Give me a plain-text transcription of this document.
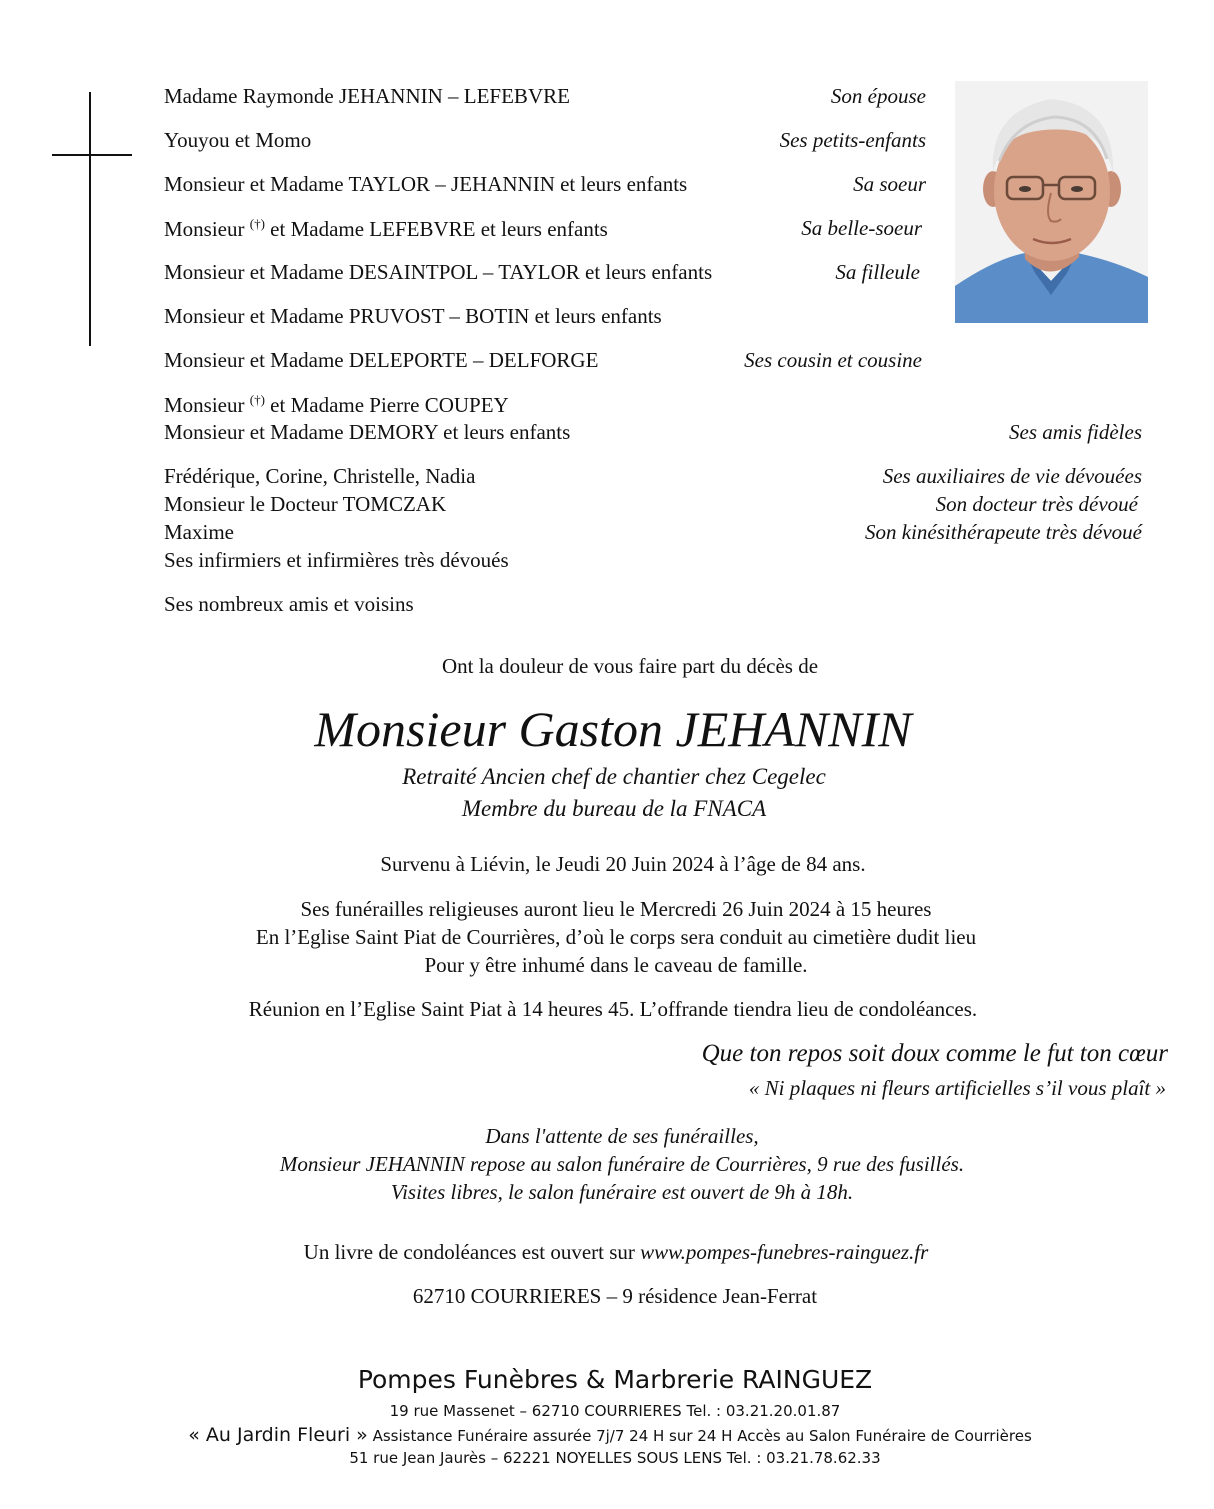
Madame Raymonde JEHANNIN – LEFEBVRE	Son épouse
Youyou et Momo	Ses petits-enfants
Monsieur et Madame TAYLOR – JEHANNIN et leurs enfants	Sa soeur
Monsieur (†) et Madame LEFEBVRE et leurs enfants	Sa belle-soeur
Monsieur et Madame DESAINTPOL – TAYLOR et leurs enfants	Sa filleule
Monsieur et Madame PRUVOST – BOTIN et leurs enfants
Monsieur et Madame DELEPORTE – DELFORGE	Ses cousin et cousine
Monsieur (†) et Madame Pierre COUPEY
Monsieur et Madame DEMORY et leurs enfants	Ses amis fidèles
Frédérique, Corine, Christelle, Nadia	Ses auxiliaires de vie dévouées
Monsieur le Docteur TOMCZAK	Son docteur très dévoué
Maxime	Son kinésithérapeute très dévoué
Ses infirmiers et infirmières très dévoués
Ses nombreux amis et voisins
Ont la douleur de vous faire part du décès de
Monsieur Gaston JEHANNIN
Retraité Ancien chef de chantier chez Cegelec
Membre du bureau de la FNACA
Survenu à Liévin, le Jeudi 20 Juin 2024 à l’âge de 84 ans.
Ses funérailles religieuses auront lieu le Mercredi 26 Juin 2024 à 15 heures
En l’Eglise Saint Piat de Courrières, d’où le corps sera conduit au cimetière dudit lieu
Pour y être inhumé dans le caveau de famille.
Réunion en l’Eglise Saint Piat à 14 heures 45. L’offrande tiendra lieu de condoléances.
Que ton repos soit doux comme le fut ton cœur
« Ni plaques ni fleurs artificielles s’il vous plaît »
Dans l'attente de ses funérailles,
Monsieur JEHANNIN repose au salon funéraire de Courrières, 9 rue des fusillés.
Visites libres, le salon funéraire est ouvert de 9h à 18h.
Un livre de condoléances est ouvert sur www.pompes-funebres-rainguez.fr
62710 COURRIERES – 9 résidence Jean-Ferrat
Pompes Funèbres & Marbrerie RAINGUEZ
19 rue Massenet – 62710 COURRIERES Tel. : 03.21.20.01.87
« Au Jardin Fleuri » Assistance Funéraire assurée 7j/7 24 H sur 24 H Accès au Salon Funéraire de Courrières
51 rue Jean Jaurès – 62221 NOYELLES SOUS LENS Tel. : 03.21.78.62.33
